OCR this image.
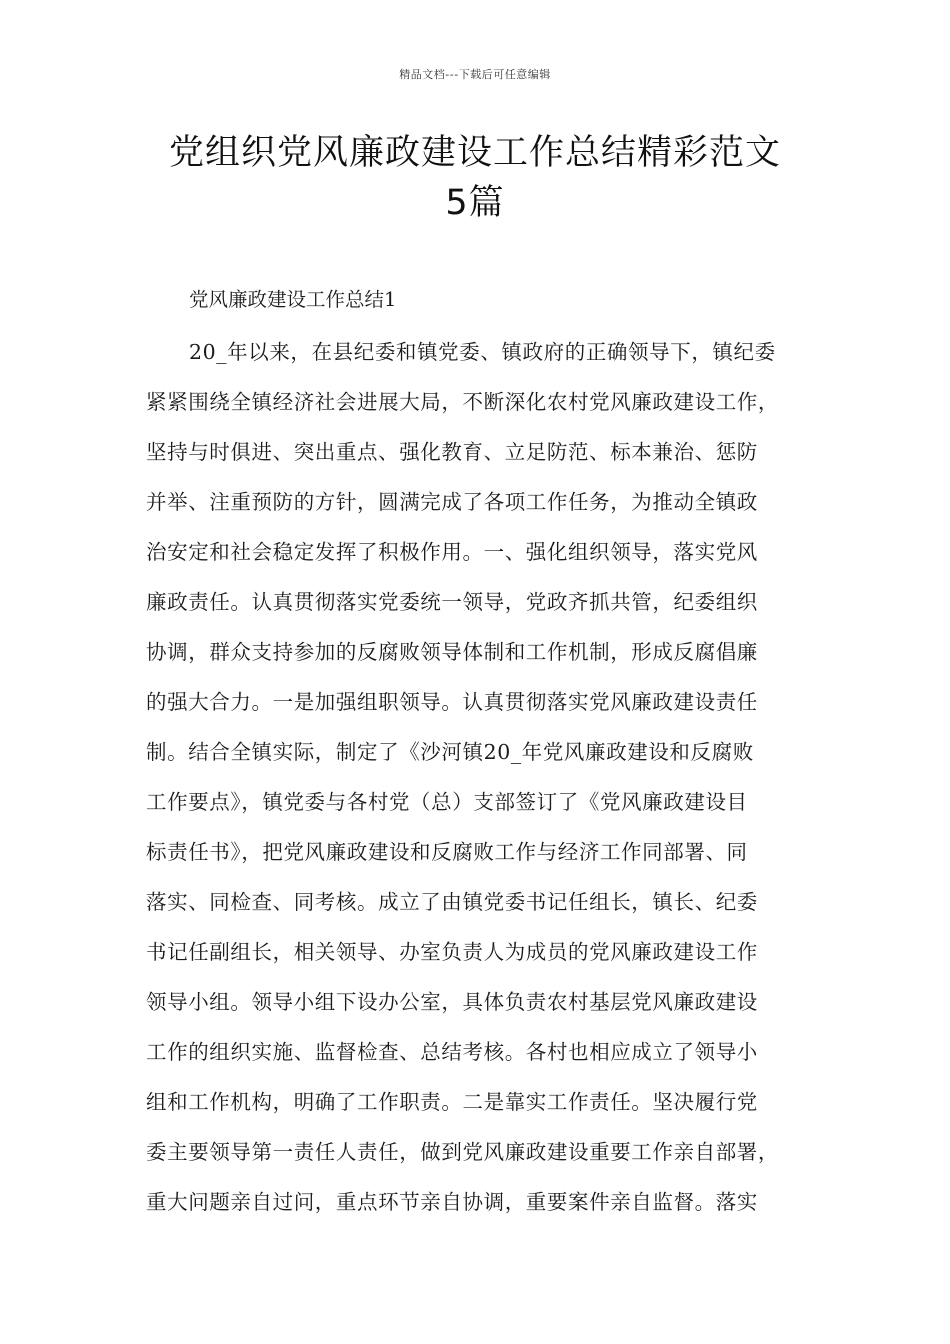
精品文档---下载后可任意编辑
党组织党风廉政建设工作总结精彩范文
5篇
党风廉政建设工作总结1
20_年以来，在县纪委和镇党委、镇政府的正确领导下，镇纪委
紧紧围绕全镇经济社会进展大局，不断深化农村党风廉政建设工作，
坚持与时俱进、突出重点、强化教育、立足防范、标本兼治、惩防
并举、注重预防的方针，圆满完成了各项工作任务，为推动全镇政
治安定和社会稳定发挥了积极作用。一、强化组织领导，落实党风
廉政责任。认真贯彻落实党委统一领导，党政齐抓共管，纪委组织
协调，群众支持参加的反腐败领导体制和工作机制，形成反腐倡廉
的强大合力。一是加强组职领导。认真贯彻落实党风廉政建设责任
制。结合全镇实际，制定了《沙河镇20_年党风廉政建设和反腐败
工作要点》，镇党委与各村党（总）支部签订了《党风廉政建设目
标责任书》，把党风廉政建设和反腐败工作与经济工作同部署、同
落实、同检查、同考核。成立了由镇党委书记任组长，镇长、纪委
书记任副组长，相关领导、办室负责人为成员的党风廉政建设工作
领导小组。领导小组下设办公室，具体负责农村基层党风廉政建设
工作的组织实施、监督检查、总结考核。各村也相应成立了领导小
组和工作机构，明确了工作职责。二是靠实工作责任。坚决履行党
委主要领导第一责任人责任，做到党风廉政建设重要工作亲自部署，
重大问题亲自过问，重点环节亲自协调，重要案件亲自监督。落实
